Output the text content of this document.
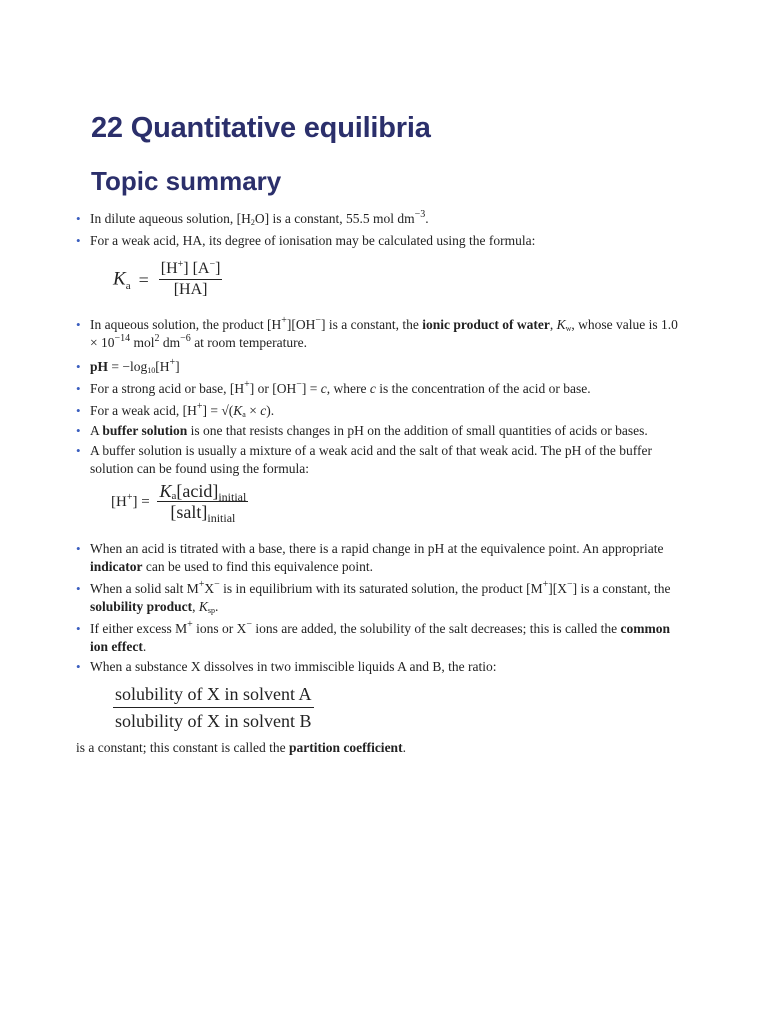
22 Quantitative equilibria
Topic summary
• In dilute aqueous solution, $[H_2O]$ is a constant, 55.5 mol $dm^{-3}$.
• For a weak acid, HA, its degree of ionisation may be calculated using the formula:
$K_a = \frac{[H^+] [A^-]}{[HA]}$
• In aqueous solution, the product [H+][OH−] is a constant, the ionic product of water, $K_w$, whose value is $1.0 \times 10^{-14}$ mol$^2$ $dm^{-6}$ at room temperature.
• pH = $-\log_{10}[H^+]$
• For a strong acid or base, [H+] or [OH−] = c, where c is the concentration of the acid or base.
• For a weak acid, $[H^+] = √(K_a \times c)$.
• A buffer solution is one that resists changes in pH on the addition of small quantities of acids or bases.
• A buffer solution is usually a mixture of a weak acid and the salt of that weak acid. The pH of the buffer solution can be found using the formula:
$[H^+] = \frac{K_a[acid]_{initial}}{[salt]_{initial}}$
• When an acid is titrated with a base, there is a rapid change in pH at the equivalence point. An appropriate indicator can be used to find this equivalence point.
• When a solid salt M+X− is in equilibrium with its saturated solution, the product [M+][X−] is a constant, the solubility product, $K_{sp}$.
• If either excess M+ ions or X− ions are added, the solubility of the salt decreases; this is called the common ion effect.
• When a substance X dissolves in two immiscible liquids A and B, the ratio:
$\frac{\text{solubility of X in solvent A}}{\text{solubility of X in solvent B}}$
is a constant; this constant is called the partition coefficient.
